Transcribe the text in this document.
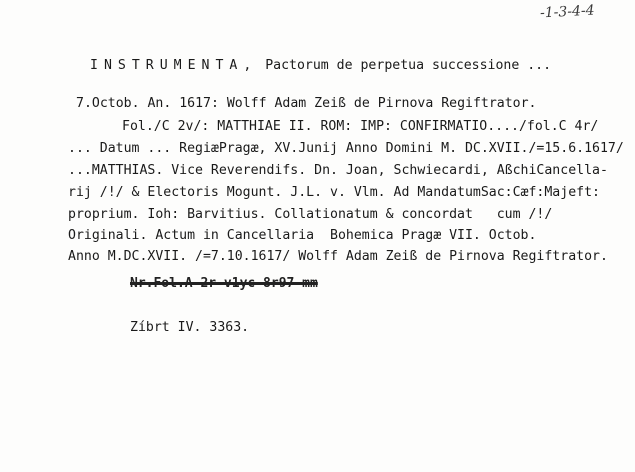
-1-3-4-4
INSTRUMENTA, Pactorum de perpetua successione ...
7.Octob. An. 1617: Wolff Adam Zeiß de Pirnova Regiftrator.
Fol./C 2v/: MATTHIAE II. ROM: IMP: CONFIRMATIO..../fol.C 4r/
... Datum ... RegiæPragæ, XV.Junij Anno Domini M. DC.XVII./=15.6.1617/
...MATTHIAS. Vice Reverendifs. Dn. Joan, Schwiecardi, AßchiCancella-
rij /!/ & Electoris Mogunt. J.L. v. Vlm. Ad MandatumSac:Cæf:Majeft:
proprium. Ioh: Barvitius. Collationatum & concordat   cum /!/
Originali. Actum in Cancellaria  Bohemica Pragæ VII. Octob.
Anno M.DC.XVII. /=7.10.1617/ Wolff Adam Zeiß de Pirnova Regiftrator.
Nr.Fol.A 2r-v1yc 8r97 mm
Zíbrt IV. 3363.
